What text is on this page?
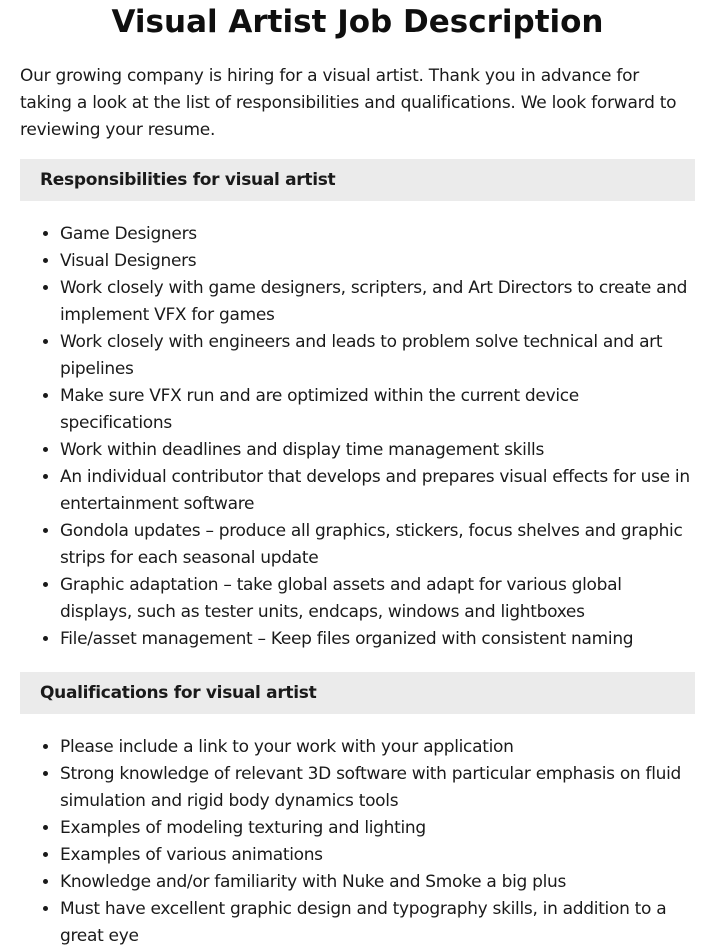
Visual Artist Job Description

Our growing company is hiring for a visual artist. Thank you in advance for taking a look at the list of responsibilities and qualifications. We look forward to reviewing your resume.

Responsibilities for visual artist
• Game Designers
• Visual Designers
• Work closely with game designers, scripters, and Art Directors to create and implement VFX for games
• Work closely with engineers and leads to problem solve technical and art pipelines
• Make sure VFX run and are optimized within the current device specifications
• Work within deadlines and display time management skills
• An individual contributor that develops and prepares visual effects for use in entertainment software
• Gondola updates – produce all graphics, stickers, focus shelves and graphic strips for each seasonal update
• Graphic adaptation – take global assets and adapt for various global displays, such as tester units, endcaps, windows and lightboxes
• File/asset management – Keep files organized with consistent naming
Qualifications for visual artist
• Please include a link to your work with your application
• Strong knowledge of relevant 3D software with particular emphasis on fluid simulation and rigid body dynamics tools
• Examples of modeling texturing and lighting
• Examples of various animations
• Knowledge and/or familiarity with Nuke and Smoke a big plus
• Must have excellent graphic design and typography skills, in addition to a great eye
